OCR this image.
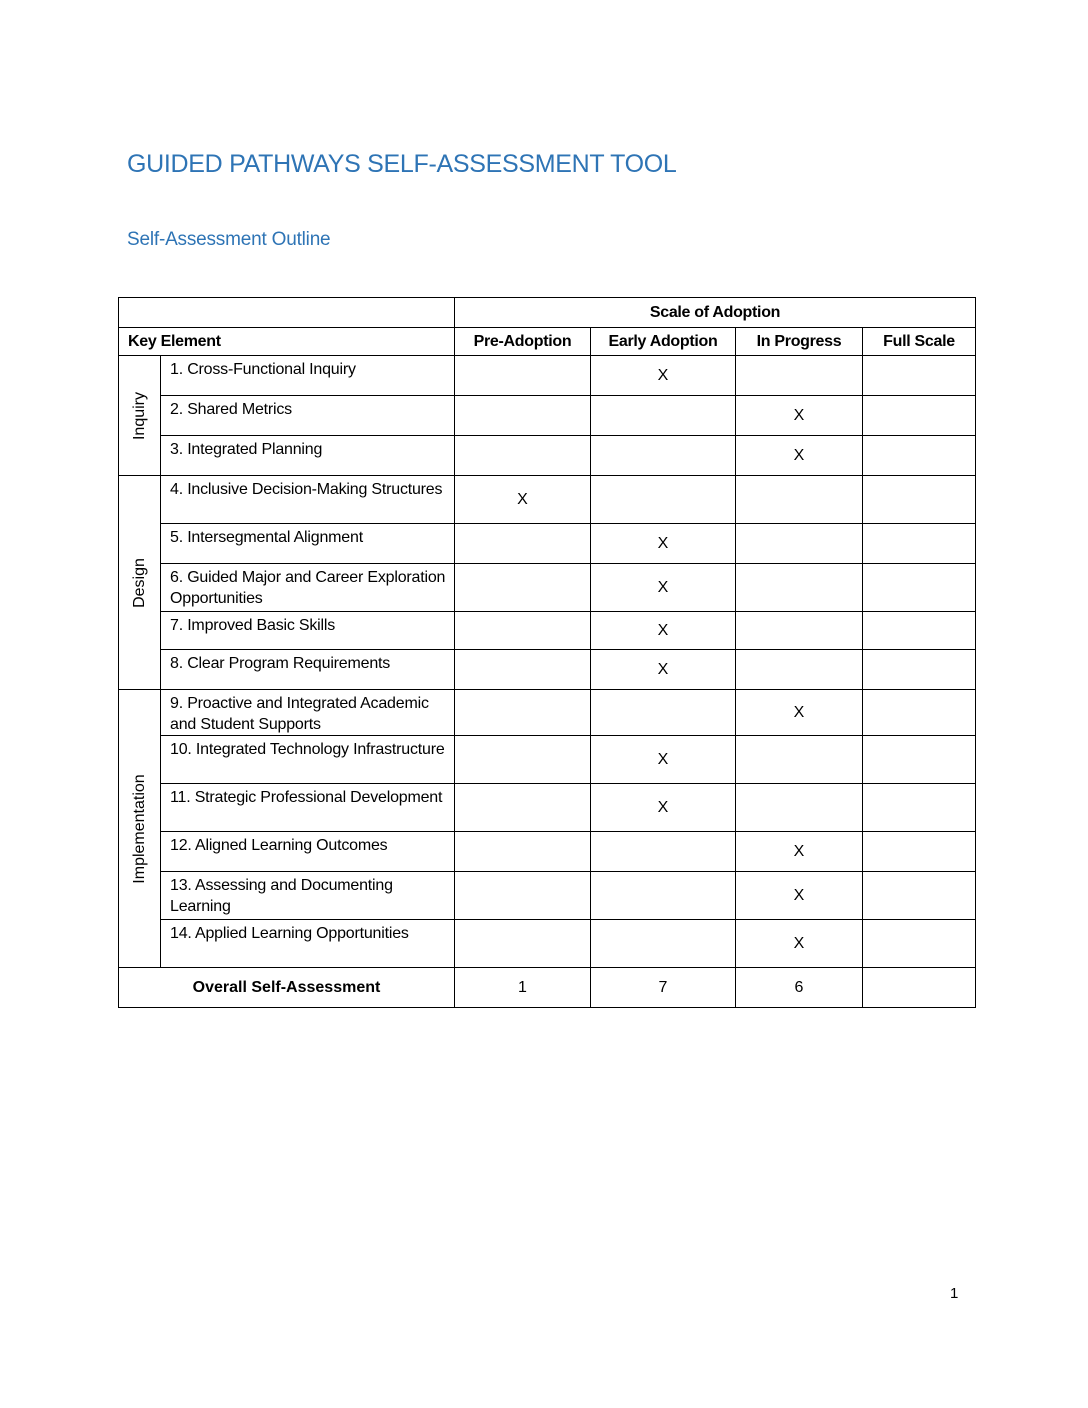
GUIDED PATHWAYS SELF-ASSESSMENT TOOL
Self-Assessment Outline
		Scale of Adoption			
Key Element		Pre-Adoption	Early Adoption	In Progress	Full Scale

Inquiry	1. Cross-Functional Inquiry		X		
	2. Shared Metrics			X	
	3. Integrated Planning			X	

Design	4. Inclusive Decision-Making Structures	X			
	5. Intersegmental Alignment		X		
	6. Guided Major and Career Exploration Opportunities		X		
	7. Improved Basic Skills		X		
	8. Clear Program Requirements		X		

Implementation	9. Proactive and Integrated Academic and Student Supports			X	
	10. Integrated Technology Infrastructure		X		
	11. Strategic Professional Development		X		
	12. Aligned Learning Outcomes			X	
	13. Assessing and Documenting Learning			X	
	14. Applied Learning Opportunities			X	
Overall Self-Assessment		1	7	6	
1
